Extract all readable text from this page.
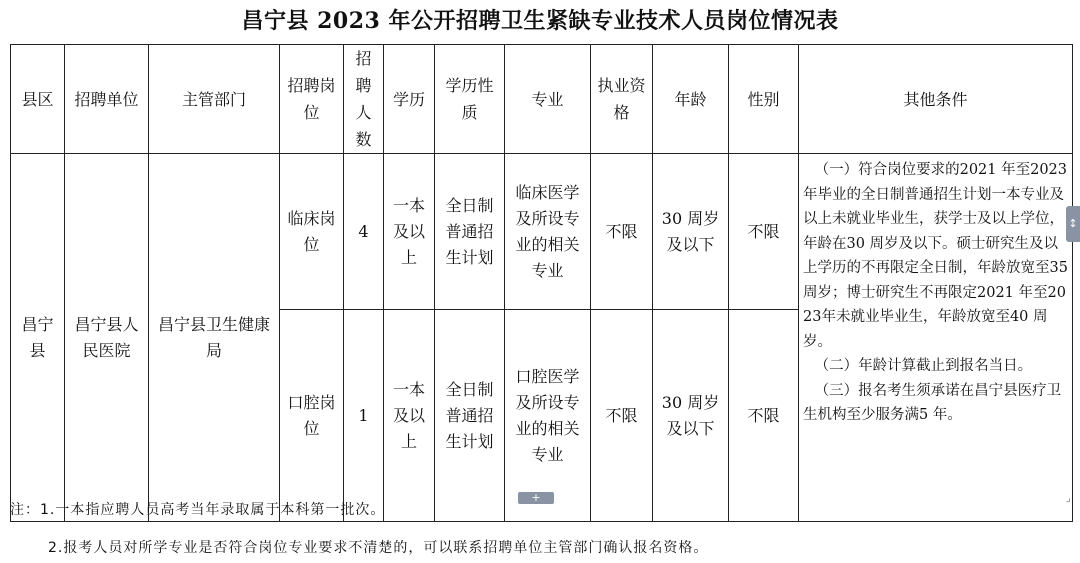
昌宁县 2023 年公开招聘卫生紧缺专业技术人员岗位情况表
县区	招聘单位	主管部门	招聘岗位	招聘人数	学历	学历性质	专业	执业资格	年龄	性别	其他条件
昌宁县	昌宁县人民医院	昌宁县卫生健康局	临床岗位	4	一本及以上	全日制普通招生计划	临床医学及所设专业的相关专业	不限	30 周岁及以下	不限	（一）符合岗位要求的2021 年至2023 年毕业的全日制普通招生计划一本专业及以上未就业毕业生，获学士及以上学位，年龄在30 周岁及以下。硕士研究生及以上学历的不再限定全日制，年龄放宽至35 周岁；博士研究生不再限定2021 年至2023年未就业毕业生，年龄放宽至40 周岁。

（二）年龄计算截止到报名当日。

（三）报名考生须承诺在昌宁县医疗卫生机构至少服务满5 年。

			口腔岗位	1	一本及以上	全日制普通招生计划	口腔医学及所设专业的相关专业	不限	30 周岁及以下	不限	
+
↕
⌟
注：1.一本指应聘人员高考当年录取属于本科第一批次。
2.报考人员对所学专业是否符合岗位专业要求不清楚的，可以联系招聘单位主管部门确认报名资格。
